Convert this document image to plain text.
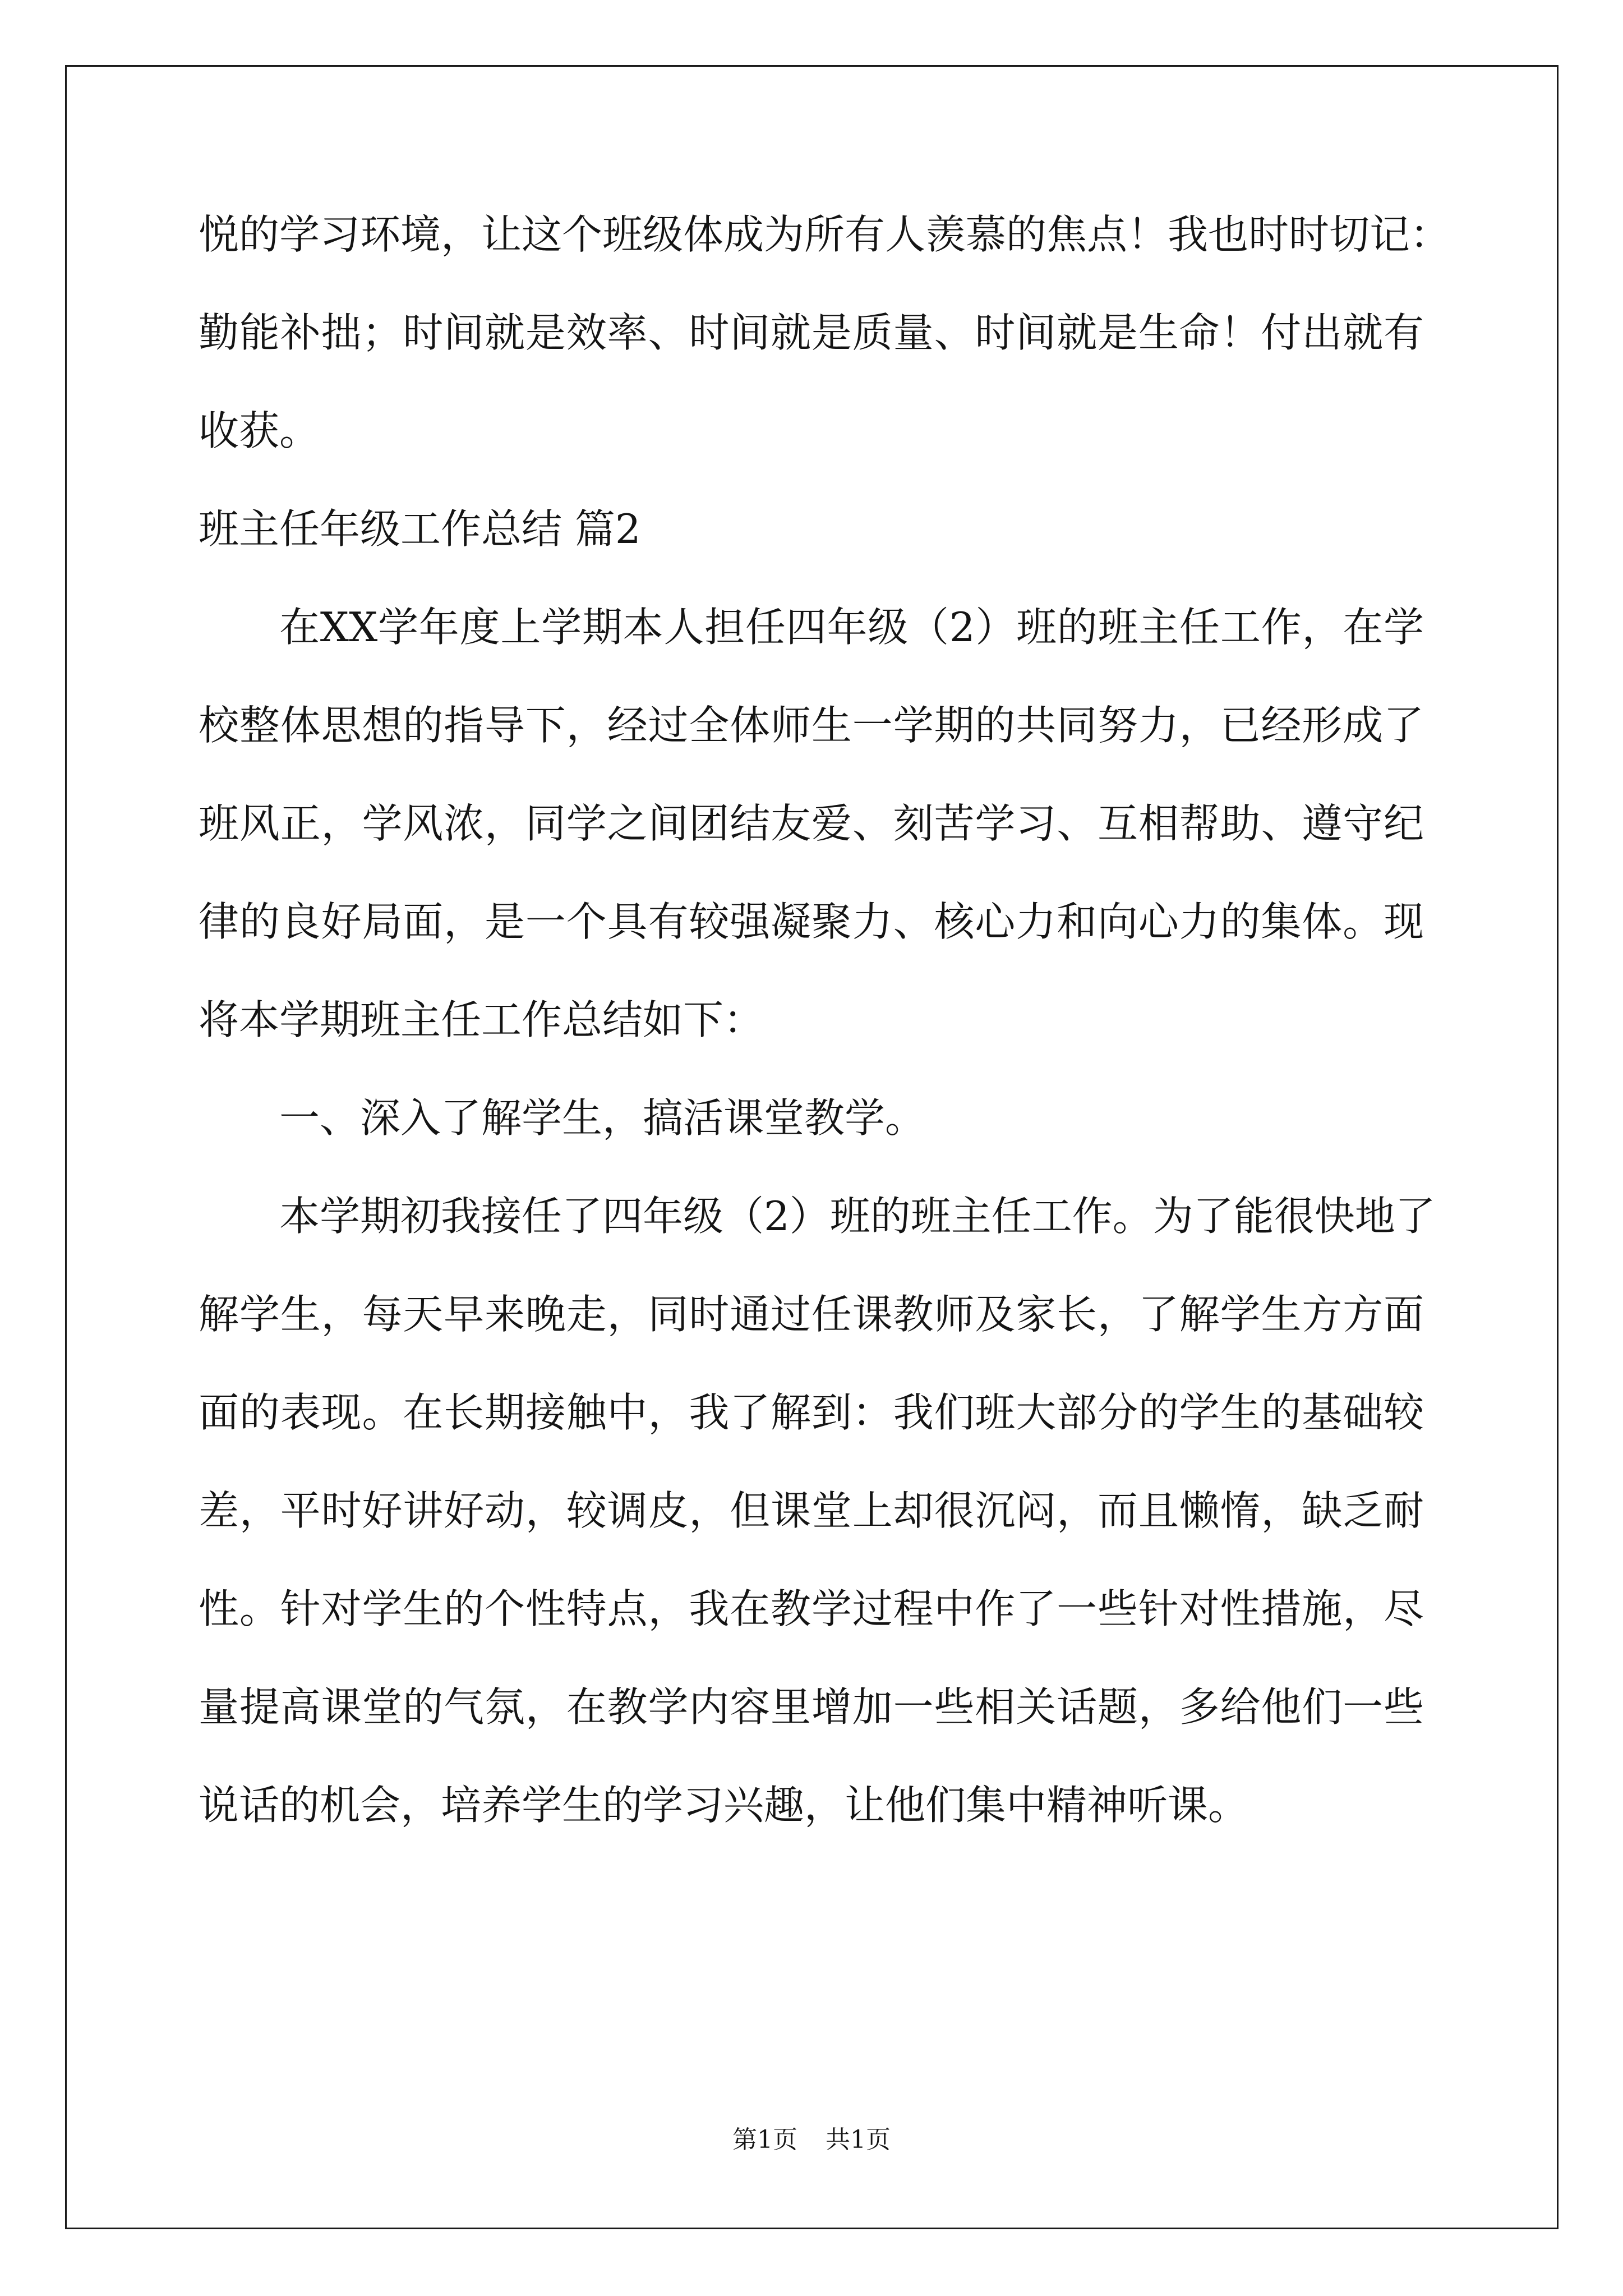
悦的学习环境，让这个班级体成为所有人羡慕的焦点！我也时时切记：
勤能补拙；时间就是效率、时间就是质量、时间就是生命！付出就有
收获。
班主任年级工作总结 篇2
在XX学年度上学期本人担任四年级（2）班的班主任工作，在学
校整体思想的指导下，经过全体师生一学期的共同努力，已经形成了
班风正，学风浓，同学之间团结友爱、刻苦学习、互相帮助、遵守纪
律的良好局面，是一个具有较强凝聚力、核心力和向心力的集体。现
将本学期班主任工作总结如下：
一、深入了解学生，搞活课堂教学。
本学期初我接任了四年级（2）班的班主任工作。为了能很快地了
解学生，每天早来晚走，同时通过任课教师及家长，了解学生方方面
面的表现。在长期接触中，我了解到：我们班大部分的学生的基础较
差，平时好讲好动，较调皮，但课堂上却很沉闷，而且懒惰，缺乏耐
性。针对学生的个性特点，我在教学过程中作了一些针对性措施，尽
量提高课堂的气氛，在教学内容里增加一些相关话题，多给他们一些
说话的机会，培养学生的学习兴趣，让他们集中精神听课。
第1页 共1页
